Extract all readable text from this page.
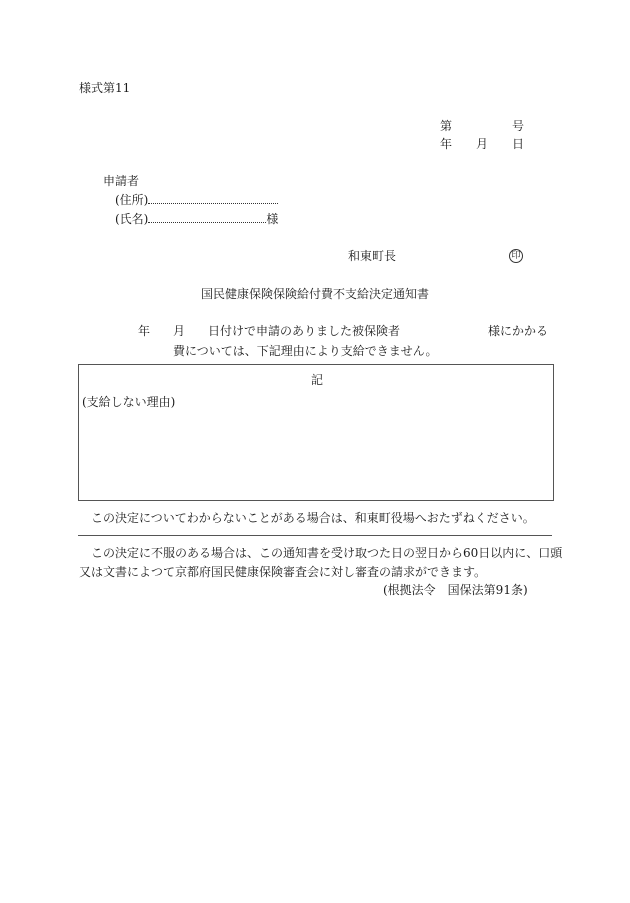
様式第11
第	号
年 月 日
申請者
(住所)
(氏名)	様
和東町長	印
国民健康保険保険給付費不支給決定通知書
年 月 日付けで申請のありました被保険者	様にかかる
費については、下記理由により支給できません。
記
(支給しない理由)
この決定についてわからないことがある場合は、和東町役場へおたずねください。
この決定に不服のある場合は、この通知書を受け取つた日の翌日から60日以内に、口頭
又は文書によつて京都府国民健康保険審査会に対し審査の請求ができます。
(根拠法令　国保法第91条)
